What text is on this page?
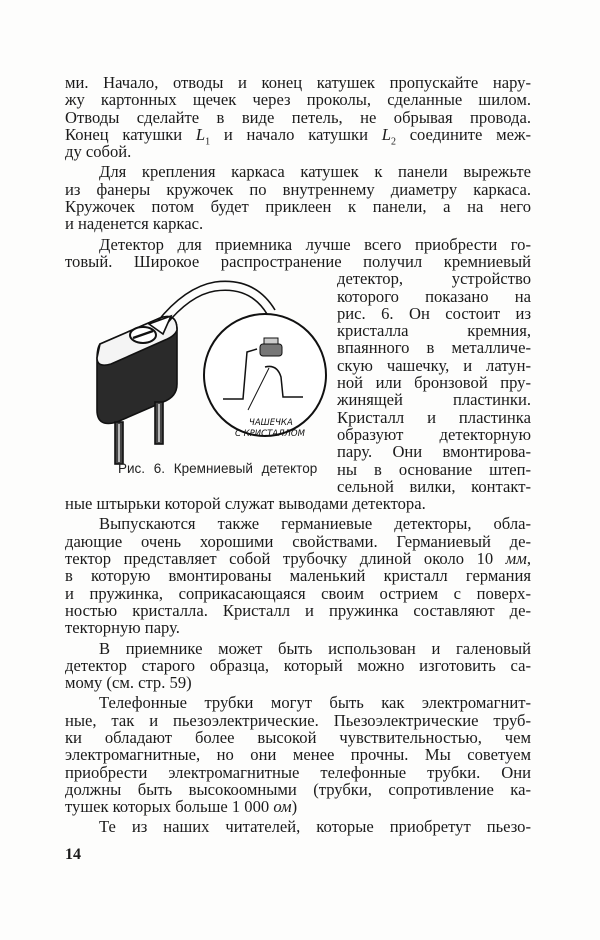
ми. Начало, отводы и конец катушек пропускайте нару-
жу картонных щечек через проколы, сделанные шилом.
Отводы сделайте в виде петель, не обрывая провода.
Конец катушки $L_1$ и начало катушки $L_2$ соедините меж-
ду собой.
Для крепления каркаса катушек к панели вырежьте
из фанеры кружочек по внутреннему диаметру каркаса.
Кружочек потом будет приклеен к панели, а на него
и наденется каркас.
Детектор для приемника лучше всего приобрести го-
товый. Широкое распространение получил кремниевый
детектор, устройство
которого показано на
рис. 6. Он состоит из
кристалла кремния,
впаянного в металличе-
скую чашечку, и латун-
ной или бронзовой пру-
жинящей пластинки.
Кристалл и пластинка
образуют детекторную
пару. Они вмонтирова-
ны в основание штеп-
сельной вилки, контакт-
ные штырьки которой служат выводами детектора.
Выпускаются также германиевые детекторы, обла-
дающие очень хорошими свойствами. Германиевый де-
тектор представляет собой трубочку длиной около 10 мм,
в которую вмонтированы маленький кристалл германия
и пружинка, соприкасающаяся своим острием с поверх-
ностью кристалла. Кристалл и пружинка составляют де-
текторную пару.
В приемнике может быть использован и галеновый
детектор старого образца, который можно изготовить са-
мому (см. стр. 59)
Телефонные трубки могут быть как электромагнит-
ные, так и пьезоэлектрические. Пьезоэлектрические труб-
ки обладают более высокой чувствительностью, чем
электромагнитные, но они менее прочны. Мы советуем
приобрести электромагнитные телефонные трубки. Они
должны быть высокоомными (трубки, сопротивление ка-
тушек которых больше 1 000 ом)
Те из наших читателей, которые приобретут пьезо-
ЧАШЕЧКА
С КРИСТАЛЛОМ
Рис. 6. Кремниевый детектор
14
